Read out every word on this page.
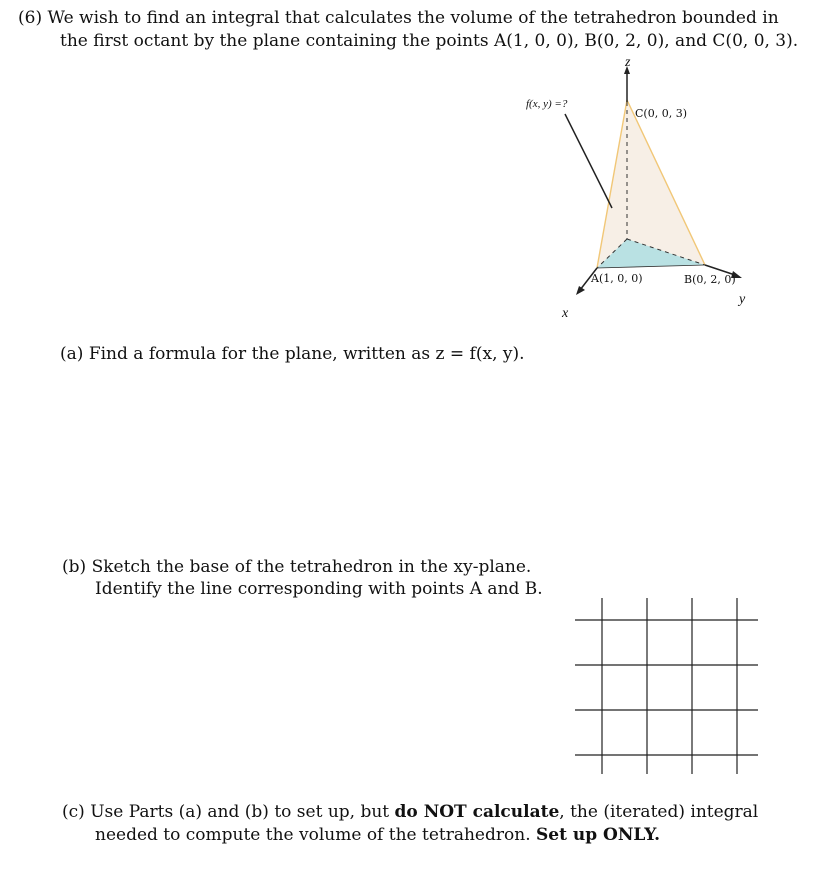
(6) We wish to find an integral that calculates the volume of the tetrahedron bounded in
the first octant by the plane containing the points A(1, 0, 0), B(0, 2, 0), and C(0, 0, 3).
f(x, y) =?
C(0, 0, 3)
A(1, 0, 0)	B(0, 2, 0)
z
x
y
(a) Find a formula for the plane, written as z = f(x, y).
(b) Sketch the base of the tetrahedron in the xy-plane.
Identify the line corresponding with points A and B.
(c) Use Parts (a) and (b) to set up, but do NOT calculate, the (iterated) integral
needed to compute the volume of the tetrahedron. Set up ONLY.
